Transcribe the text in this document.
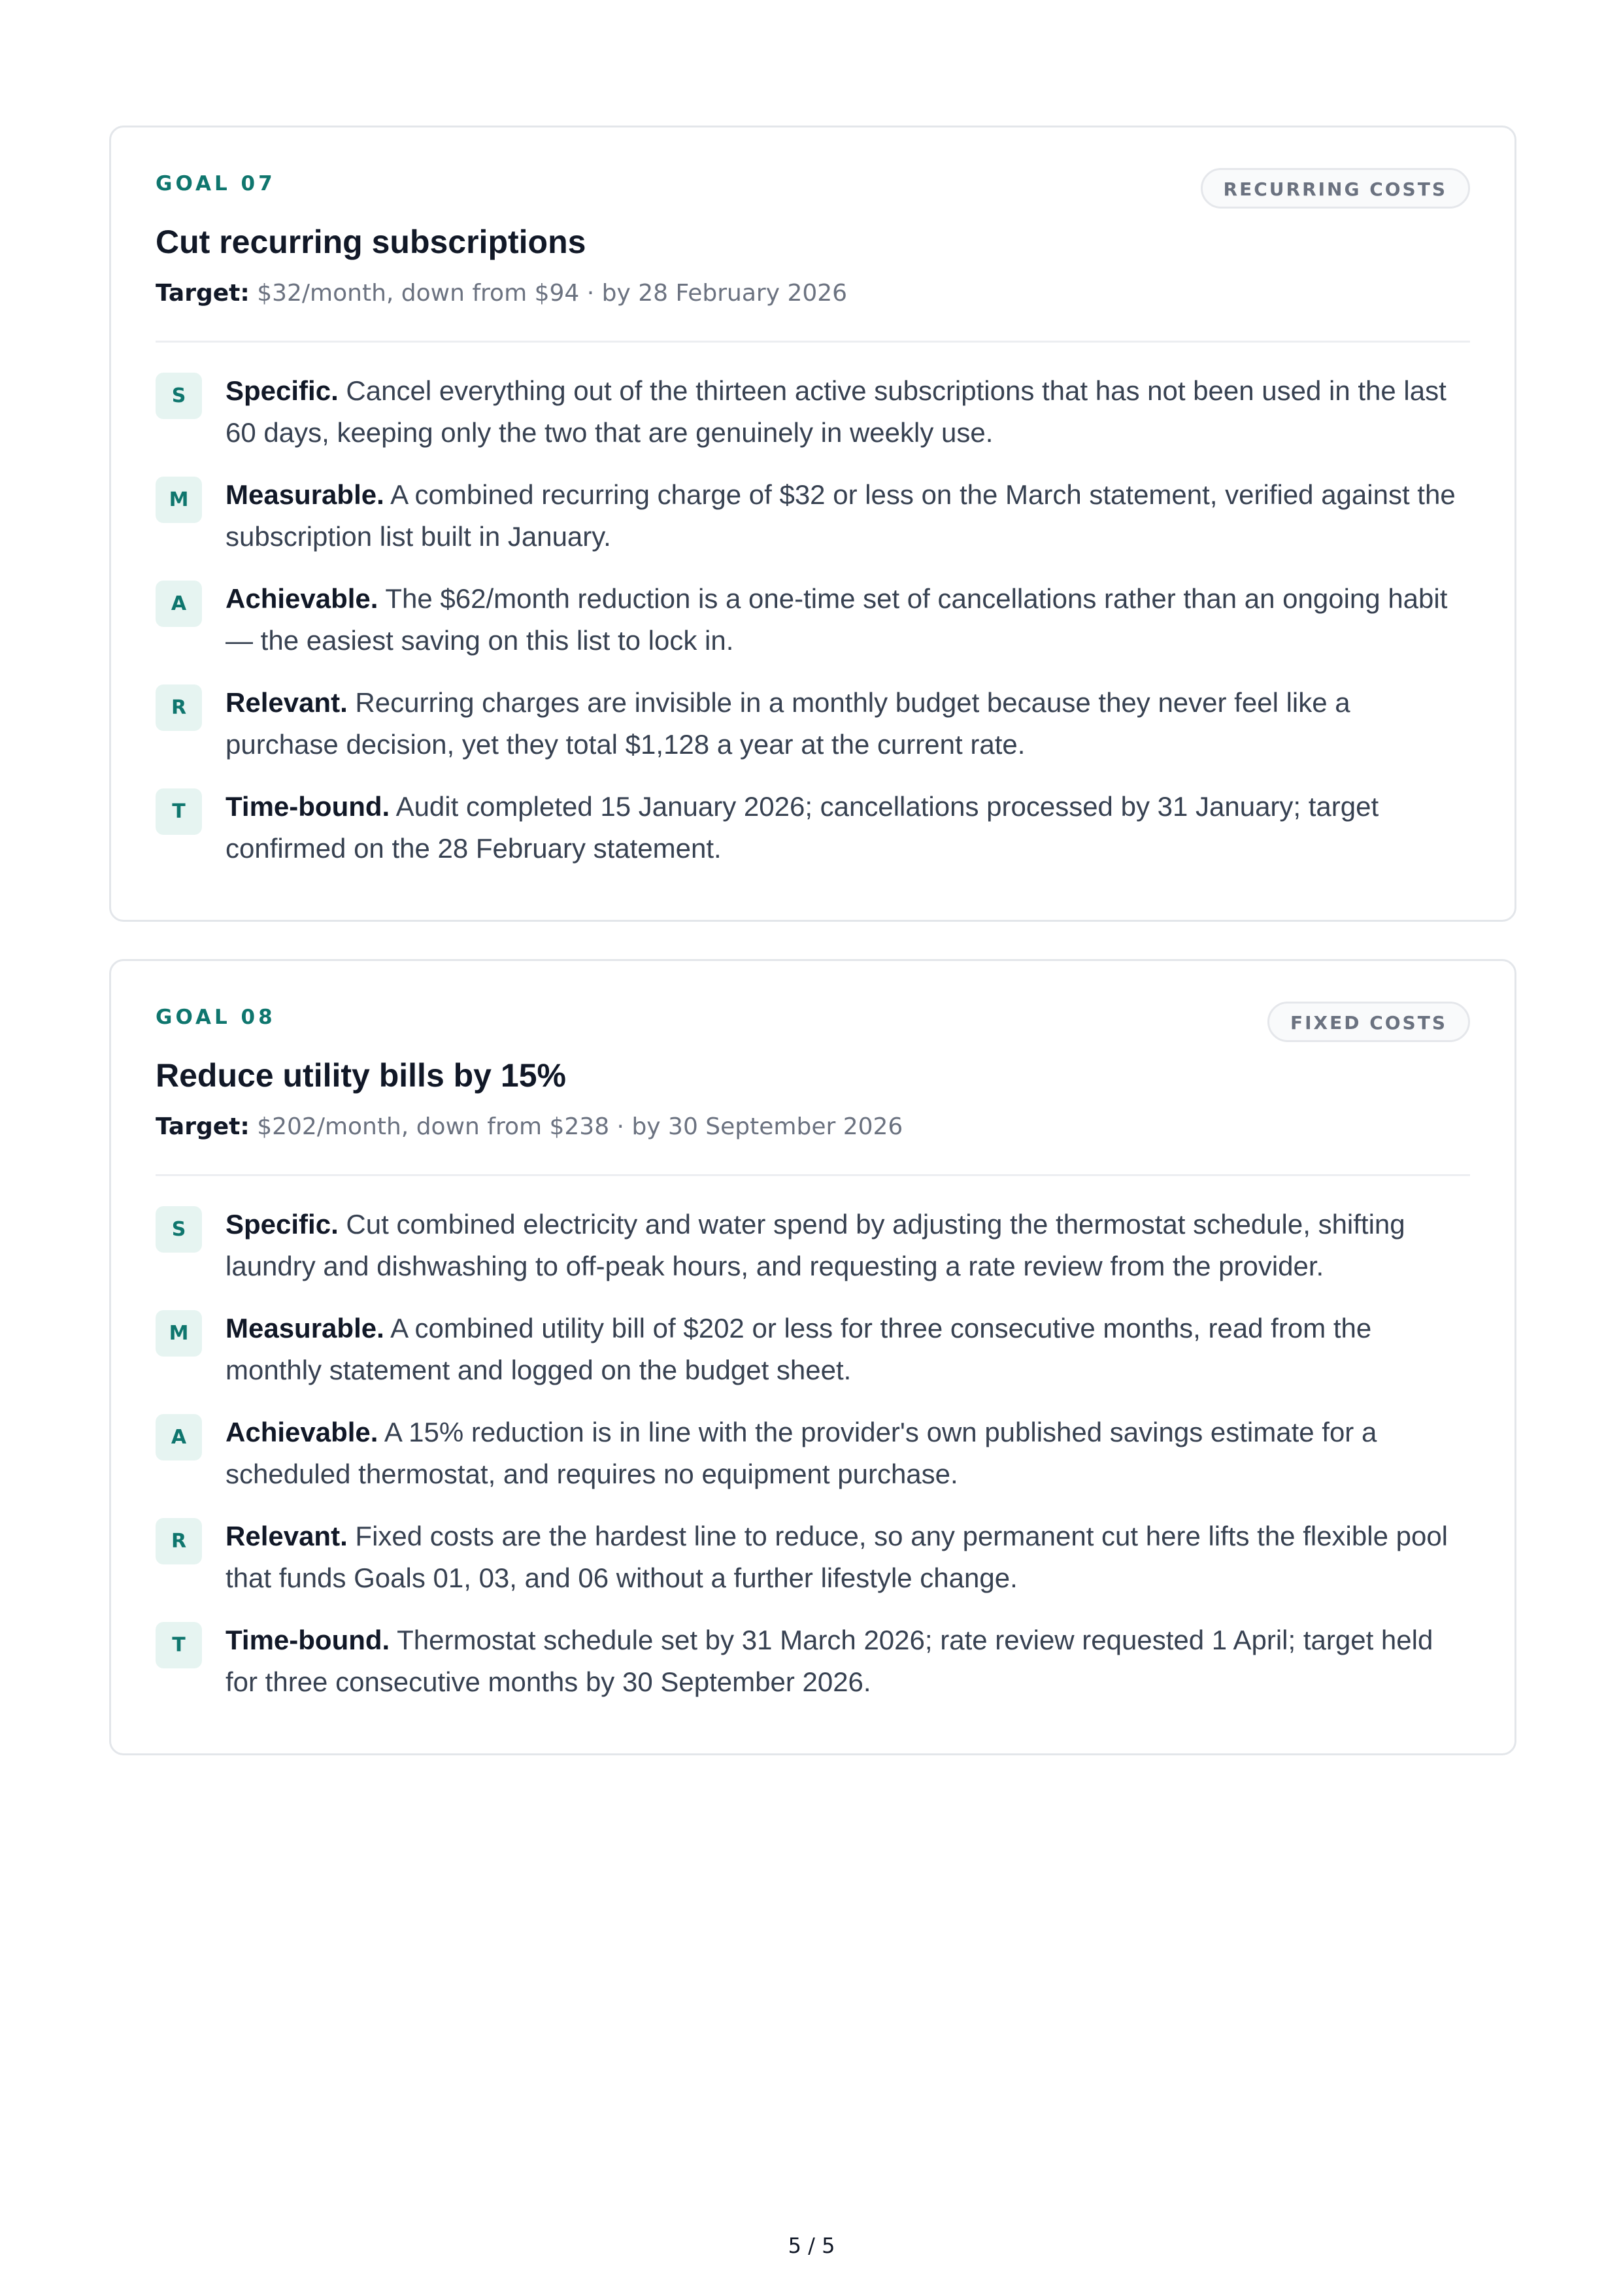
GOAL 07	RECURRING COSTS
Cut recurring subscriptions
Target: $32/month, down from $94 · by 28 February 2026
S	Specific. Cancel everything out of the thirteen active subscriptions that has not been used in the last 60 days, keeping only the two that are genuinely in weekly use.
M	Measurable. A combined recurring charge of $32 or less on the March statement, verified against the subscription list built in January.
A	Achievable. The $62/month reduction is a one-time set of cancellations rather than an ongoing habit — the easiest saving on this list to lock in.
R	Relevant. Recurring charges are invisible in a monthly budget because they never feel like a purchase decision, yet they total $1,128 a year at the current rate.
T	Time-bound. Audit completed 15 January 2026; cancellations processed by 31 January; target confirmed on the 28 February statement.
GOAL 08	FIXED COSTS
Reduce utility bills by 15%
Target: $202/month, down from $238 · by 30 September 2026
S	Specific. Cut combined electricity and water spend by adjusting the thermostat schedule, shifting laundry and dishwashing to off-peak hours, and requesting a rate review from the provider.
M	Measurable. A combined utility bill of $202 or less for three consecutive months, read from the monthly statement and logged on the budget sheet.
A	Achievable. A 15% reduction is in line with the provider's own published savings estimate for a scheduled thermostat, and requires no equipment purchase.
R	Relevant. Fixed costs are the hardest line to reduce, so any permanent cut here lifts the flexible pool that funds Goals 01, 03, and 06 without a further lifestyle change.
T	Time-bound. Thermostat schedule set by 31 March 2026; rate review requested 1 April; target held for three consecutive months by 30 September 2026.
5 / 5
